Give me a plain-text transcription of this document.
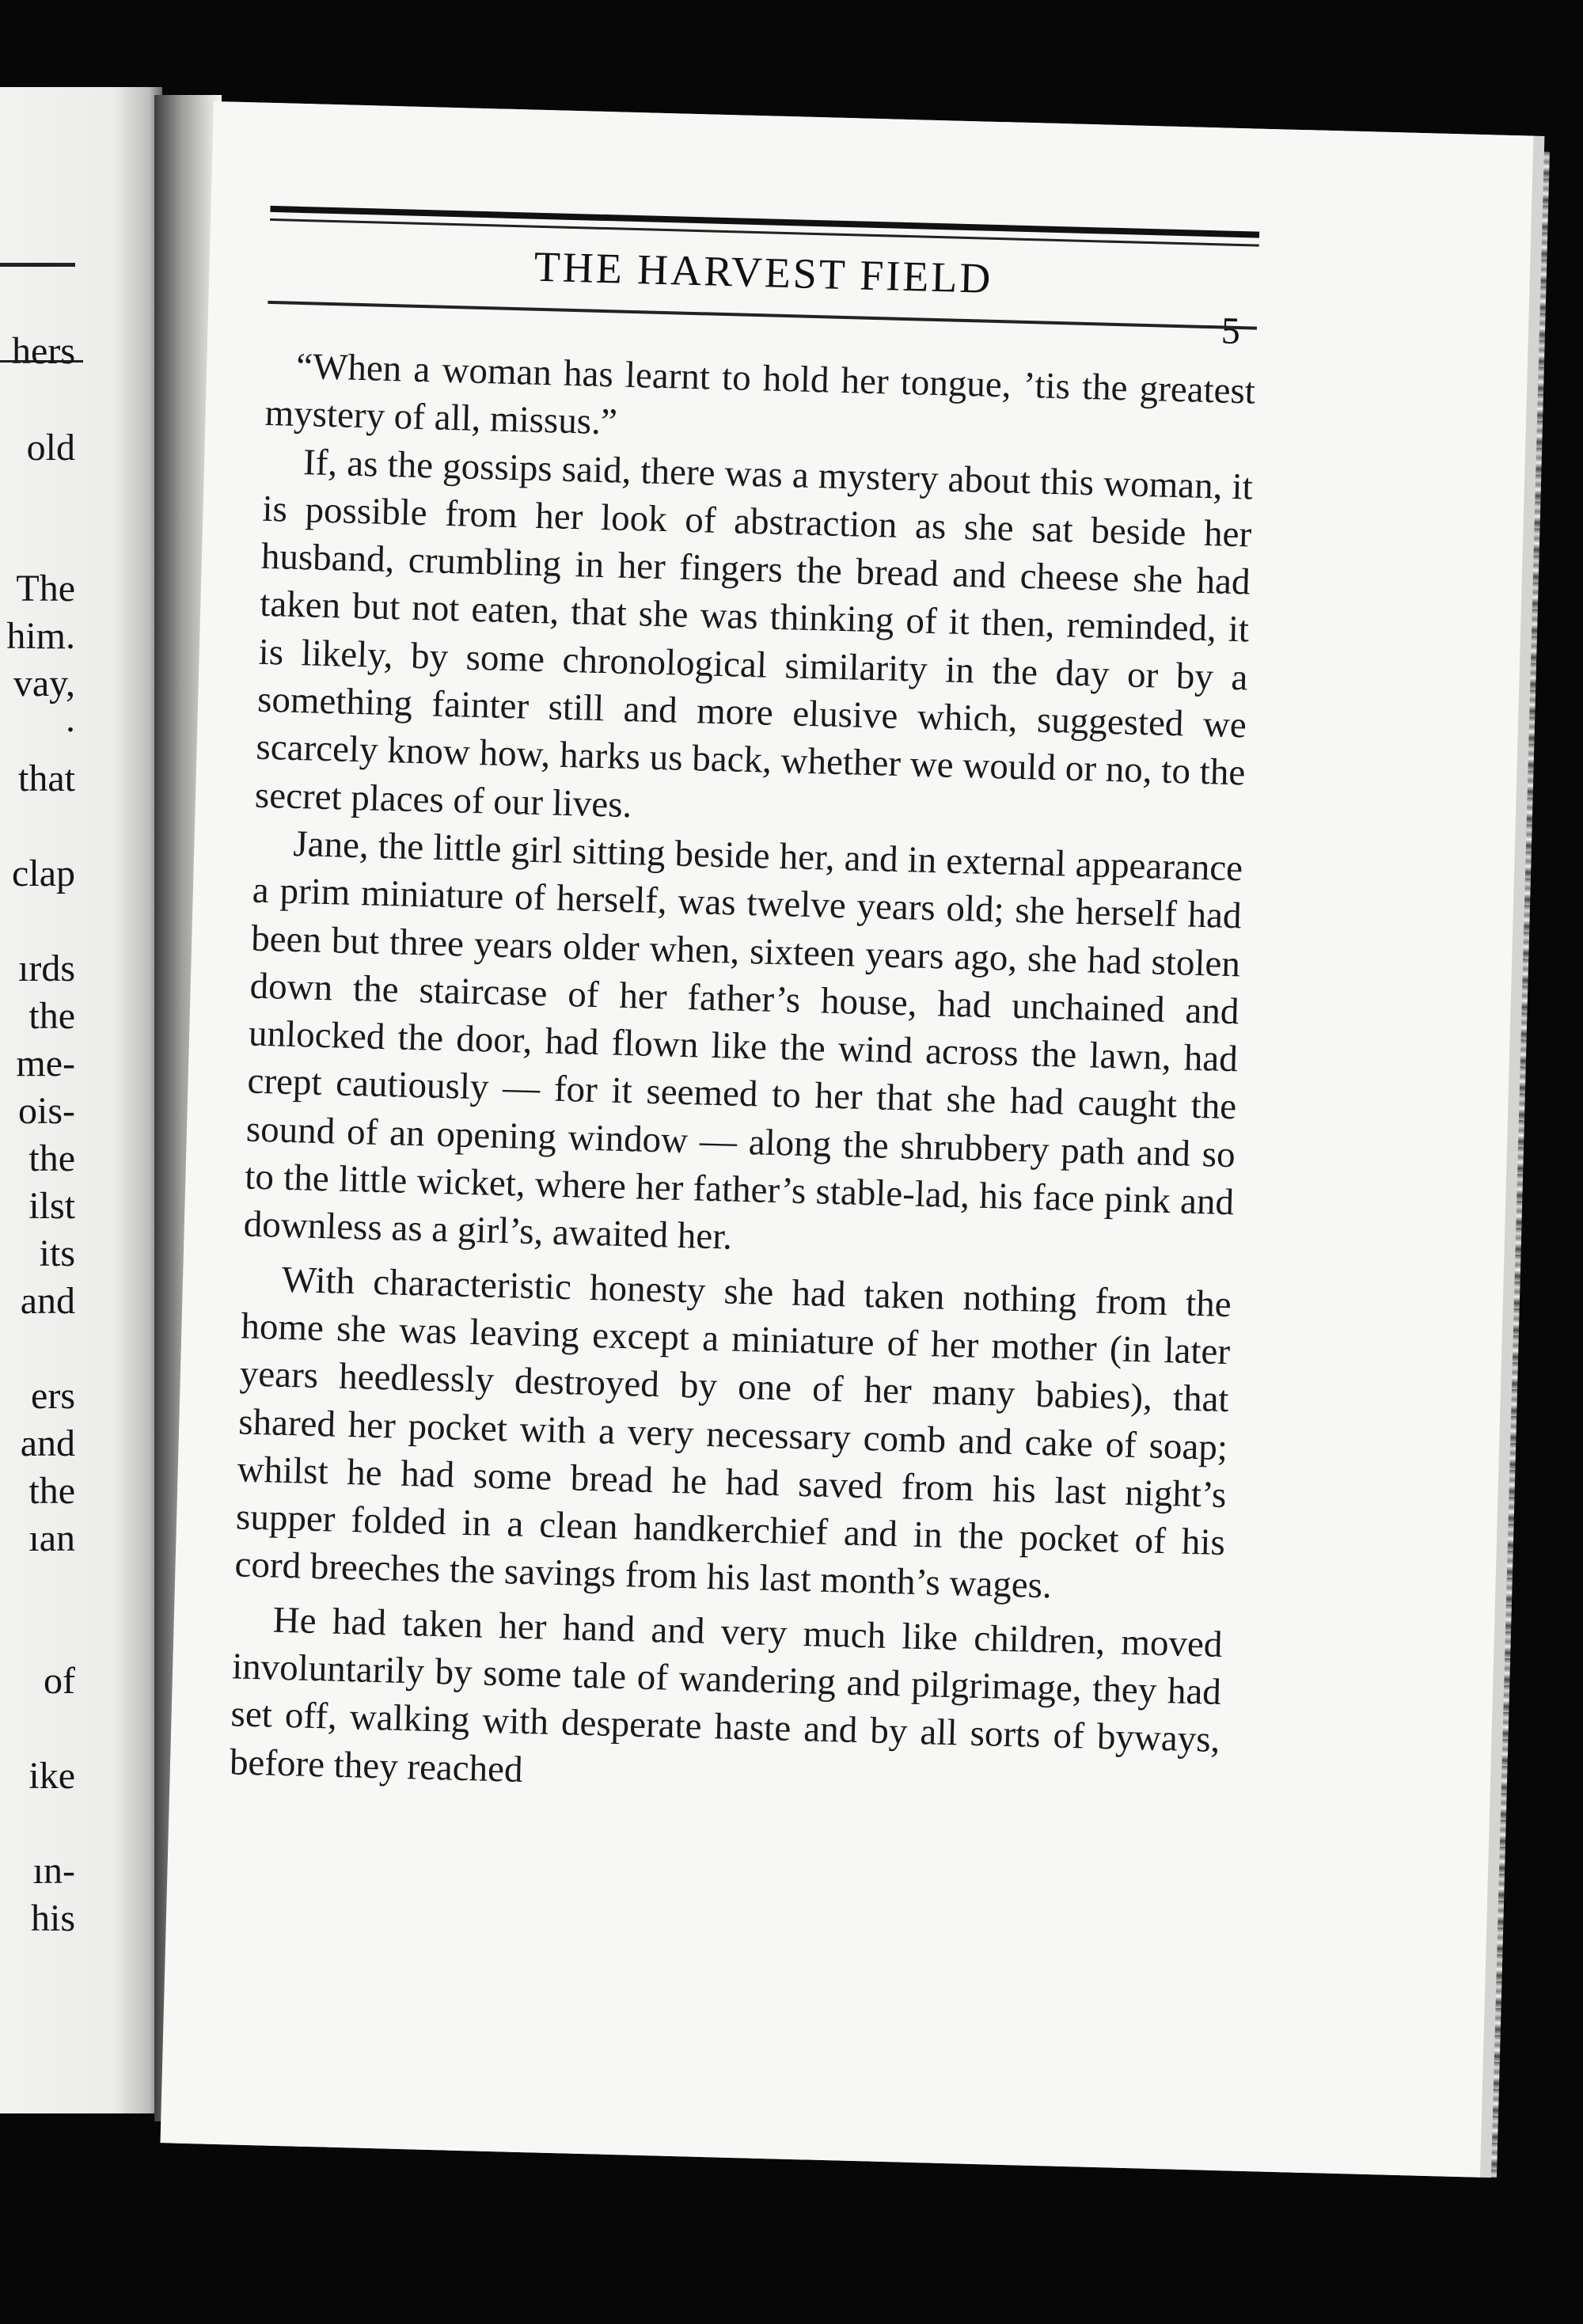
hers
old
The
him.
vay,
.
that
clap
ırds
the
me-
ois-
the
ilst
its
and
ers
and
the
ıan
of
ike
ın-
his
THE HARVEST FIELD
5

“When a woman has learnt to hold her tongue, ’tis the greatest mystery of all, missus.”

If, as the gossips said, there was a mystery about this woman, it is possible from her look of abstraction as she sat beside her husband, crumbling in her fingers the bread and cheese she had taken but not eaten, that she was thinking of it then, reminded, it is likely, by some chronological similarity in the day or by a something fainter still and more elusive which, suggested we scarcely know how, harks us back, whether we would or no, to the secret places of our lives.

Jane, the little girl sitting beside her, and in external appearance a prim miniature of herself, was twelve years old; she herself had been but three years older when, sixteen years ago, she had stolen down the staircase of her father’s house, had unchained and unlocked the door, had flown like the wind across the lawn, had crept cautiously — for it seemed to her that she had caught the sound of an opening window — along the shrubbery path and so to the little wicket, where her father’s stable-lad, his face pink and downless as a girl’s, awaited her.

With characteristic honesty she had taken nothing from the home she was leaving except a miniature of her mother (in later years heedlessly destroyed by one of her many babies), that shared her pocket with a very necessary comb and cake of soap; whilst he had some bread he had saved from his last night’s supper folded in a clean handkerchief and in the pocket of his cord breeches the savings from his last month’s wages.

He had taken her hand and very much like children, moved involuntarily by some tale of wandering and pilgrimage, they had set off, walking with desperate haste and by all sorts of byways, before they reached
